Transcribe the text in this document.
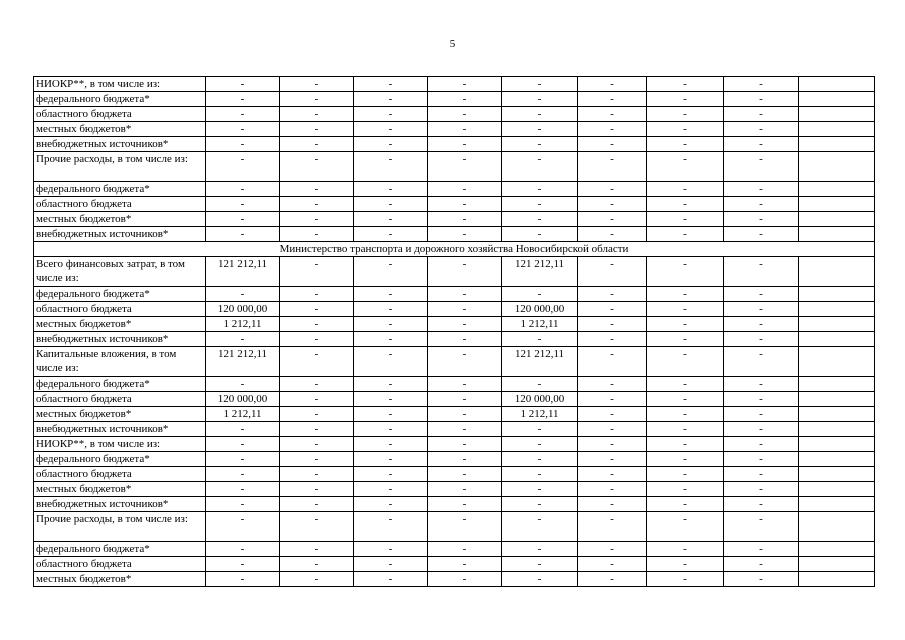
5
НИОКР**, в том числе из:	-	-	-	-	-	-	-	-	
федерального бюджета*	-	-	-	-	-	-	-	-	
областного бюджета	-	-	-	-	-	-	-	-	
местных бюджетов*	-	-	-	-	-	-	-	-	
внебюджетных источников*	-	-	-	-	-	-	-	-	
Прочие расходы, в том числе из:	-	-	-	-	-	-	-	-	
федерального бюджета*	-	-	-	-	-	-	-	-	
областного бюджета	-	-	-	-	-	-	-	-	
местных бюджетов*	-	-	-	-	-	-	-	-	
внебюджетных источников*	-	-	-	-	-	-	-	-	
Министерство транспорта и дорожного хозяйства Новосибирской области									
Всего финансовых затрат, в том числе из:	121 212,11	-	-	-	121 212,11	-	-	-	
федерального бюджета*	-	-	-	-	-	-	-	-	
областного бюджета	120 000,00	-	-	-	120 000,00	-	-	-	
местных бюджетов*	1 212,11	-	-	-	1 212,11	-	-	-	
внебюджетных источников*	-	-	-	-	-	-	-	-	
Капитальные вложения, в том числе из:	121 212,11	-	-	-	121 212,11	-	-	-	
федерального бюджета*	-	-	-	-	-	-	-	-	
областного бюджета	120 000,00	-	-	-	120 000,00	-	-	-	
местных бюджетов*	1 212,11	-	-	-	1 212,11	-	-	-	
внебюджетных источников*	-	-	-	-	-	-	-	-	
НИОКР**, в том числе из:	-	-	-	-	-	-	-	-	
федерального бюджета*	-	-	-	-	-	-	-	-	
областного бюджета	-	-	-	-	-	-	-	-	
местных бюджетов*	-	-	-	-	-	-	-	-	
внебюджетных источников*	-	-	-	-	-	-	-	-	
Прочие расходы, в том числе из:	-	-	-	-	-	-	-	-	
федерального бюджета*	-	-	-	-	-	-	-	-	
областного бюджета	-	-	-	-	-	-	-	-	
местных бюджетов*	-	-	-	-	-	-	-	-	
